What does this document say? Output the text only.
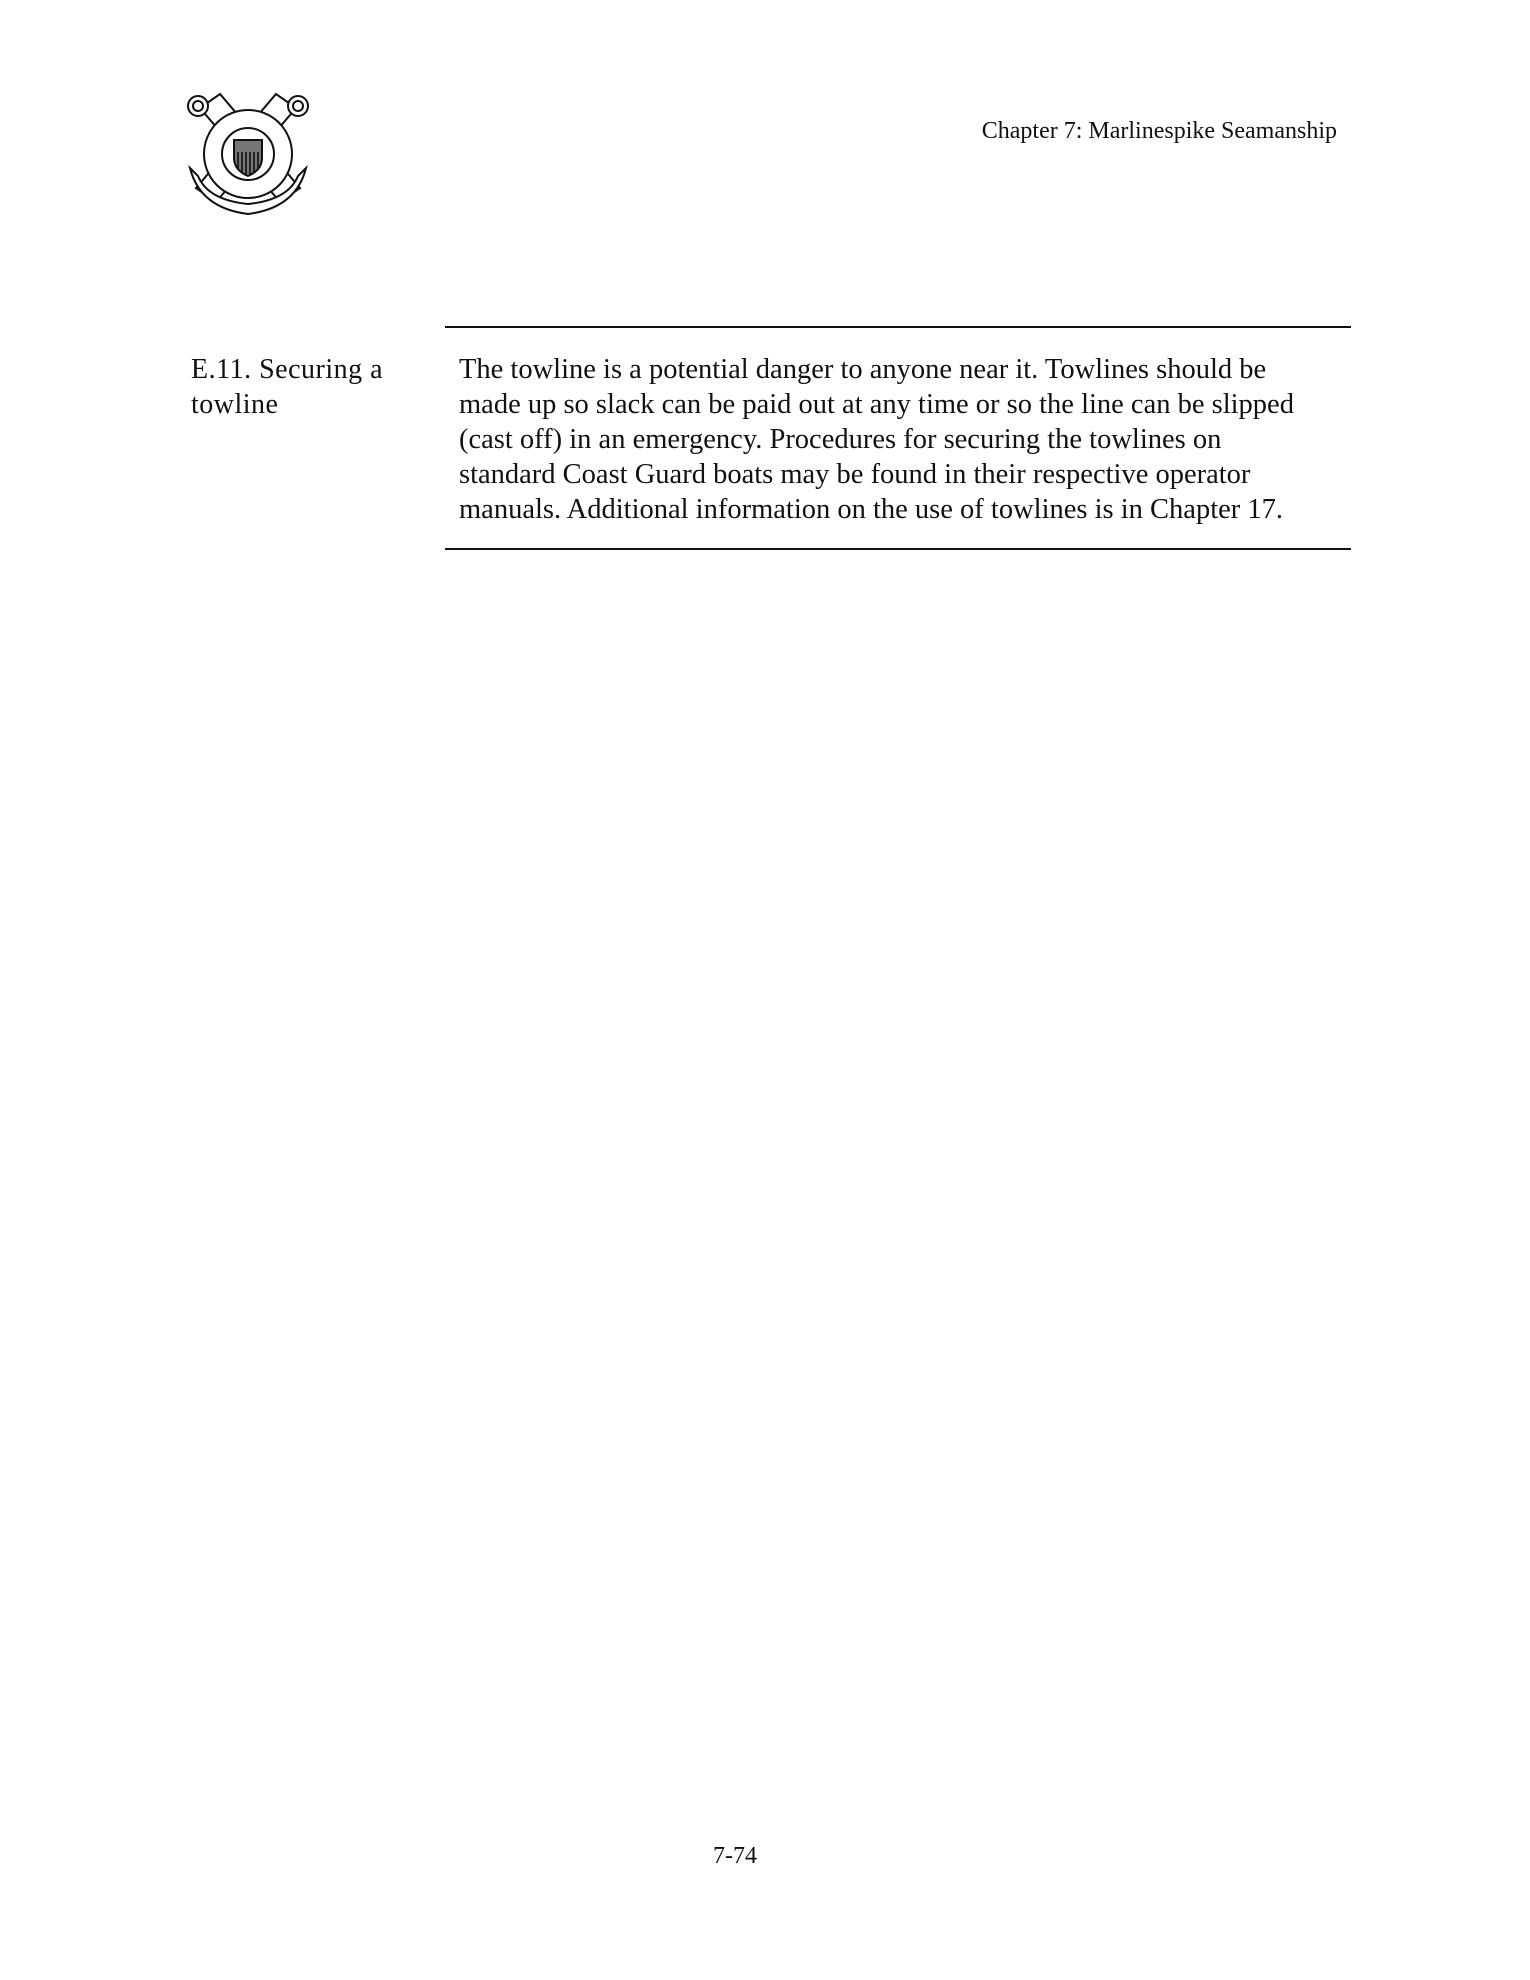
Chapter 7: Marlinespike Seamanship
E.11. Securing a
towline
The towline is a potential danger to anyone near it. Towlines should be
made up so slack can be paid out at any time or so the line can be slipped
(cast off) in an emergency. Procedures for securing the towlines on
standard Coast Guard boats may be found in their respective operator
manuals. Additional information on the use of towlines is in Chapter 17.
7-74
